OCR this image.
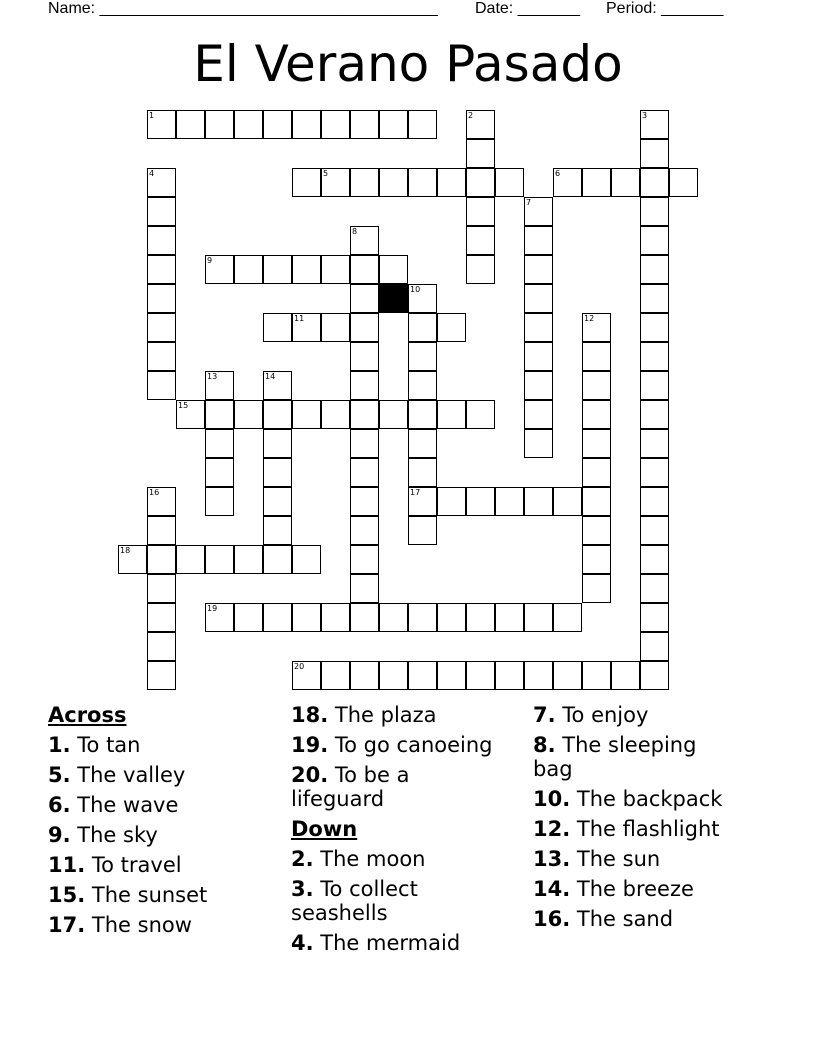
Name: ______________________________________ Date: _______ Period: _______
El Verano Pasado
1	2	3
4	5	6
7
8
9
10
11	12
13	14
15
16	17
18
19
20
Across
1. To tan
5. The valley
6. The wave
9. The sky
11. To travel
15. The sunset
17. The snow
18. The plaza
19. To go canoeing
20. To be a lifeguard
Down
2. The moon
3. To collect seashells
4. The mermaid
7. To enjoy
8. The sleeping bag
10. The backpack
12. The flashlight
13. The sun
14. The breeze
16. The sand
